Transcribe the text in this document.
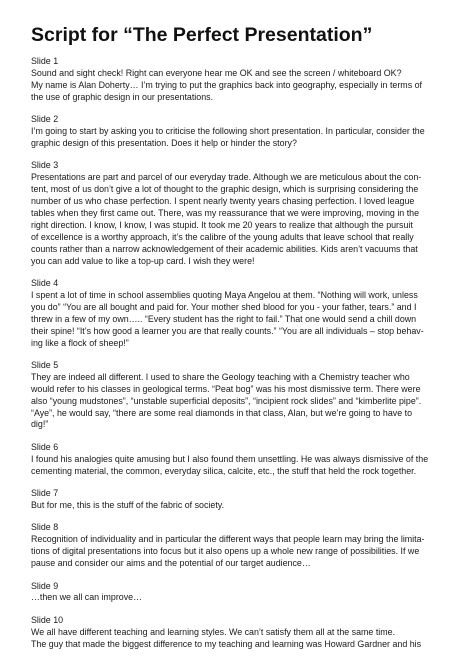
Script for “The Perfect Presentation”
Slide 1
Sound and sight check! Right can everyone hear me OK and see the screen / whiteboard OK?
My name is Alan Doherty… I’m trying to put the graphics back into geography, especially in terms of
the use of graphic design in our presentations.
Slide 2
I’m going to start by asking you to criticise the following short presentation. In particular, consider the
graphic design of this presentation. Does it help or hinder the story?
Slide 3
Presentations are part and parcel of our everyday trade. Although we are meticulous about the con-
tent, most of us don’t give a lot of thought to the graphic design, which is surprising considering the
number of us who chase perfection. I spent nearly twenty years chasing perfection. I loved league
tables when they first came out. There, was my reassurance that we were improving, moving in the
right direction. I know, I know, I was stupid. It took me 20 years to realize that although the pursuit
of excellence is a worthy approach, it’s the calibre of the young adults that leave school that really
counts rather than a narrow acknowledgement of their academic abilities. Kids aren’t vacuums that
you can add value to like a top-up card. I wish they were!
Slide 4
I spent a lot of time in school assemblies quoting Maya Angelou at them. “Nothing will work, unless
you do” “You are all bought and paid for. Your mother shed blood for you - your father, tears.” and I
threw in a few of my own….. “Every student has the right to fail.” That one would send a chill down
their spine! “It’s how good a learner you are that really counts.” “You are all individuals – stop behav-
ing like a flock of sheep!”
Slide 5
They are indeed all different. I used to share the Geology teaching with a Chemistry teacher who
would refer to his classes in geological terms. “Peat bog” was his most dismissive term. There were
also “young mudstones”, “unstable superficial deposits”, “incipient rock slides” and “kimberlite pipe”.
“Aye”, he would say, “there are some real diamonds in that class, Alan, but we’re going to have to
dig!”
Slide 6
I found his analogies quite amusing but I also found them unsettling. He was always dismissive of the
cementing material, the common, everyday silica, calcite, etc., the stuff that held the rock together.
Slide 7
But for me, this is the stuff of the fabric of society.
Slide 8
Recognition of individuality and in particular the different ways that people learn may bring the limita-
tions of digital presentations into focus but it also opens up a whole new range of possibilities. If we
pause and consider our aims and the potential of our target audience…
Slide 9
…then we all can improve…
Slide 10
We all have different teaching and learning styles. We can’t satisfy them all at the same time.
The guy that made the biggest difference to my teaching and learning was Howard Gardner and his
